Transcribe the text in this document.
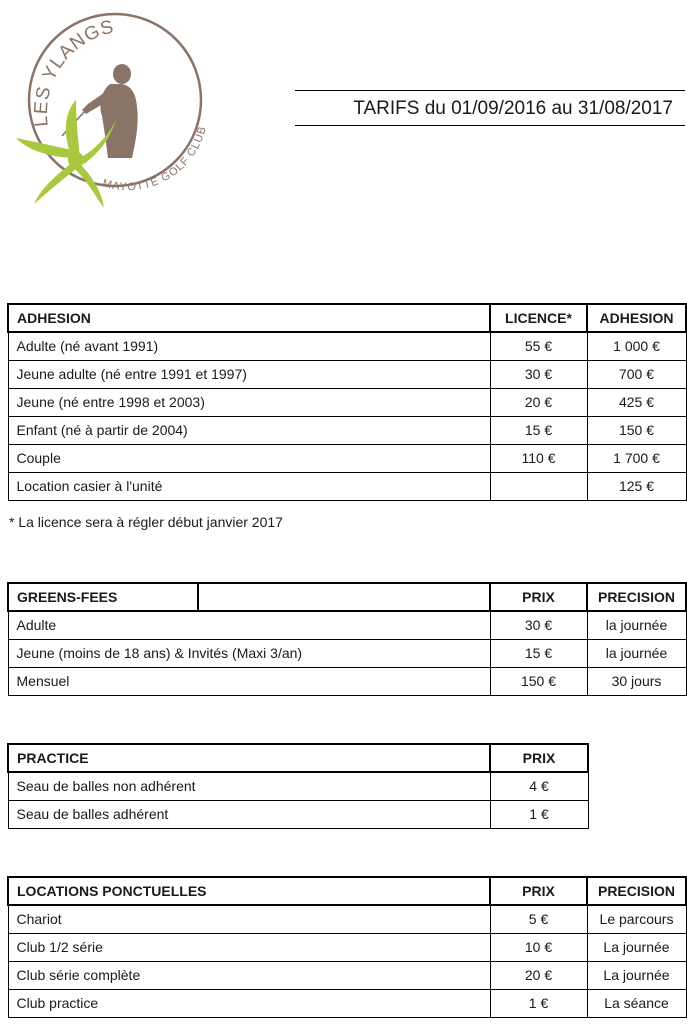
LES YLANGS
MAYOTTE GOLF CLUB
TARIFS du 01/09/2016 au 31/08/2017
ADHESION	LICENCE*	ADHESION
Adulte (né avant 1991)	55 €	1 000 €
Jeune adulte (né entre 1991 et 1997)	30 €	700 €
Jeune (né entre 1998 et 2003)	20 €	425 €
Enfant (né à partir de 2004)	15 €	150 €
Couple	110 €	1 700 €
Location casier à l'unité		125 €
* La licence sera à régler début janvier 2017
GREENS-FEES		PRIX	PRECISION
Adulte		30 €	la journée
Jeune (moins de 18 ans) & Invités (Maxi 3/an)		15 €	la journée
Mensuel		150 €	30 jours
PRACTICE	PRIX
Seau de balles non adhérent	4 €
Seau de balles adhérent	1 €
LOCATIONS PONCTUELLES	PRIX	PRECISION
Chariot	5 €	Le parcours
Club 1/2 série	10 €	La journée
Club série complète	20 €	La journée
Club practice	1 €	La séance
